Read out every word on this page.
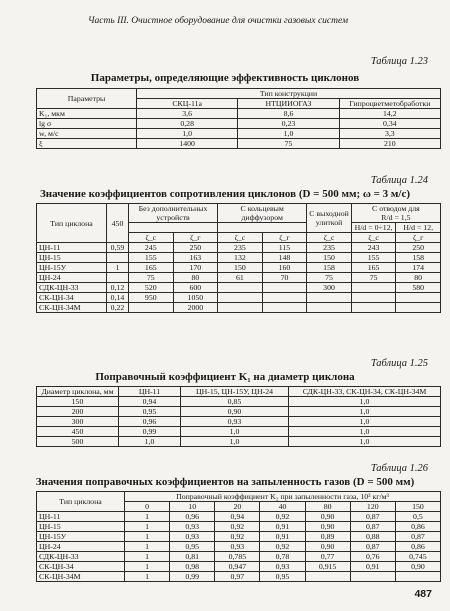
Часть III. Очистное оборудование для очистки газовых систем
Таблица 1.23
Параметры, определяющие эффективность циклонов
Параметры	Тип конструкции		
	СКЦ-11а	НТЦИИОГАЗ	Гипроцветметобработки
K₁, мкм	3,6	8,6	14,2
lg σ	0,28	0,23	0,34
w, м/с	1,0	1,0	3,3
ξ	1400	75	210
Таблица 1.24
Значение коэффициентов сопротивления циклонов (D = 500 мм; ω = 3 м/с)
Тип циклона	450	Без дополнительных устройств		С кольцевым диффузором		С выходной улиткой	С отводом для
R/d = 1,5	
							Н/d = 0÷12,	Н/d = 12,
		ζ_с	ζ_г	ζ_с	ζ_г	ζ_с	ζ_с	ζ_г
ЦН-11	0,59	245	250	235	115	235	243	250
ЦН-15		155	163	132	148	150	155	158
ЦН-15У	1	165	170	150	160	158	165	174
ЦН-24		75	80	61	70	75	75	80
СДК-ЦН-33	0,12	520	600			300		580
СК-ЦН-34	0,14	950	1050					
СК-ЦН-34М	0,22		2000					
Таблица 1.25
Поправочный коэффициент K₁ на диаметр циклона
Диаметр циклона, мм	ЦН-11	ЦН-15, ЦН-15У, ЦН-24	СДК-ЦН-33, СК-ЦН-34, СК-ЦН-34М
150	0,94	0,85	1,0
200	0,95	0,90	1,0
300	0,96	0,93	1,0
450	0,99	1,0	1,0
500	1,0	1,0	1,0
Таблица 1.26
Значения поправочных коэффициентов на запыленность газов (D = 500 мм)
Тип циклона	Поправочный коэффициент K₂ при запыленности газа, 10³ кг/м³						
	0	10	20	40	80	120	150
ЦН-11	1	0,96	0,94	0,92	0,90	0,87	0,5
ЦН-15	1	0,93	0,92	0,91	0,90	0,87	0,86
ЦН-15У	1	0,93	0,92	0,91	0,89	0,88	0,87
ЦН-24	1	0,95	0,93	0,92	0,90	0,87	0,86
СДК-ЦН-33	1	0,81	0,785	0,78	0,77	0,76	0,745
СК-ЦН-34	1	0,98	0,947	0,93	0,915	0,91	0,90
СК-ЦН-34М	1	0,99	0,97	0,95			
487
